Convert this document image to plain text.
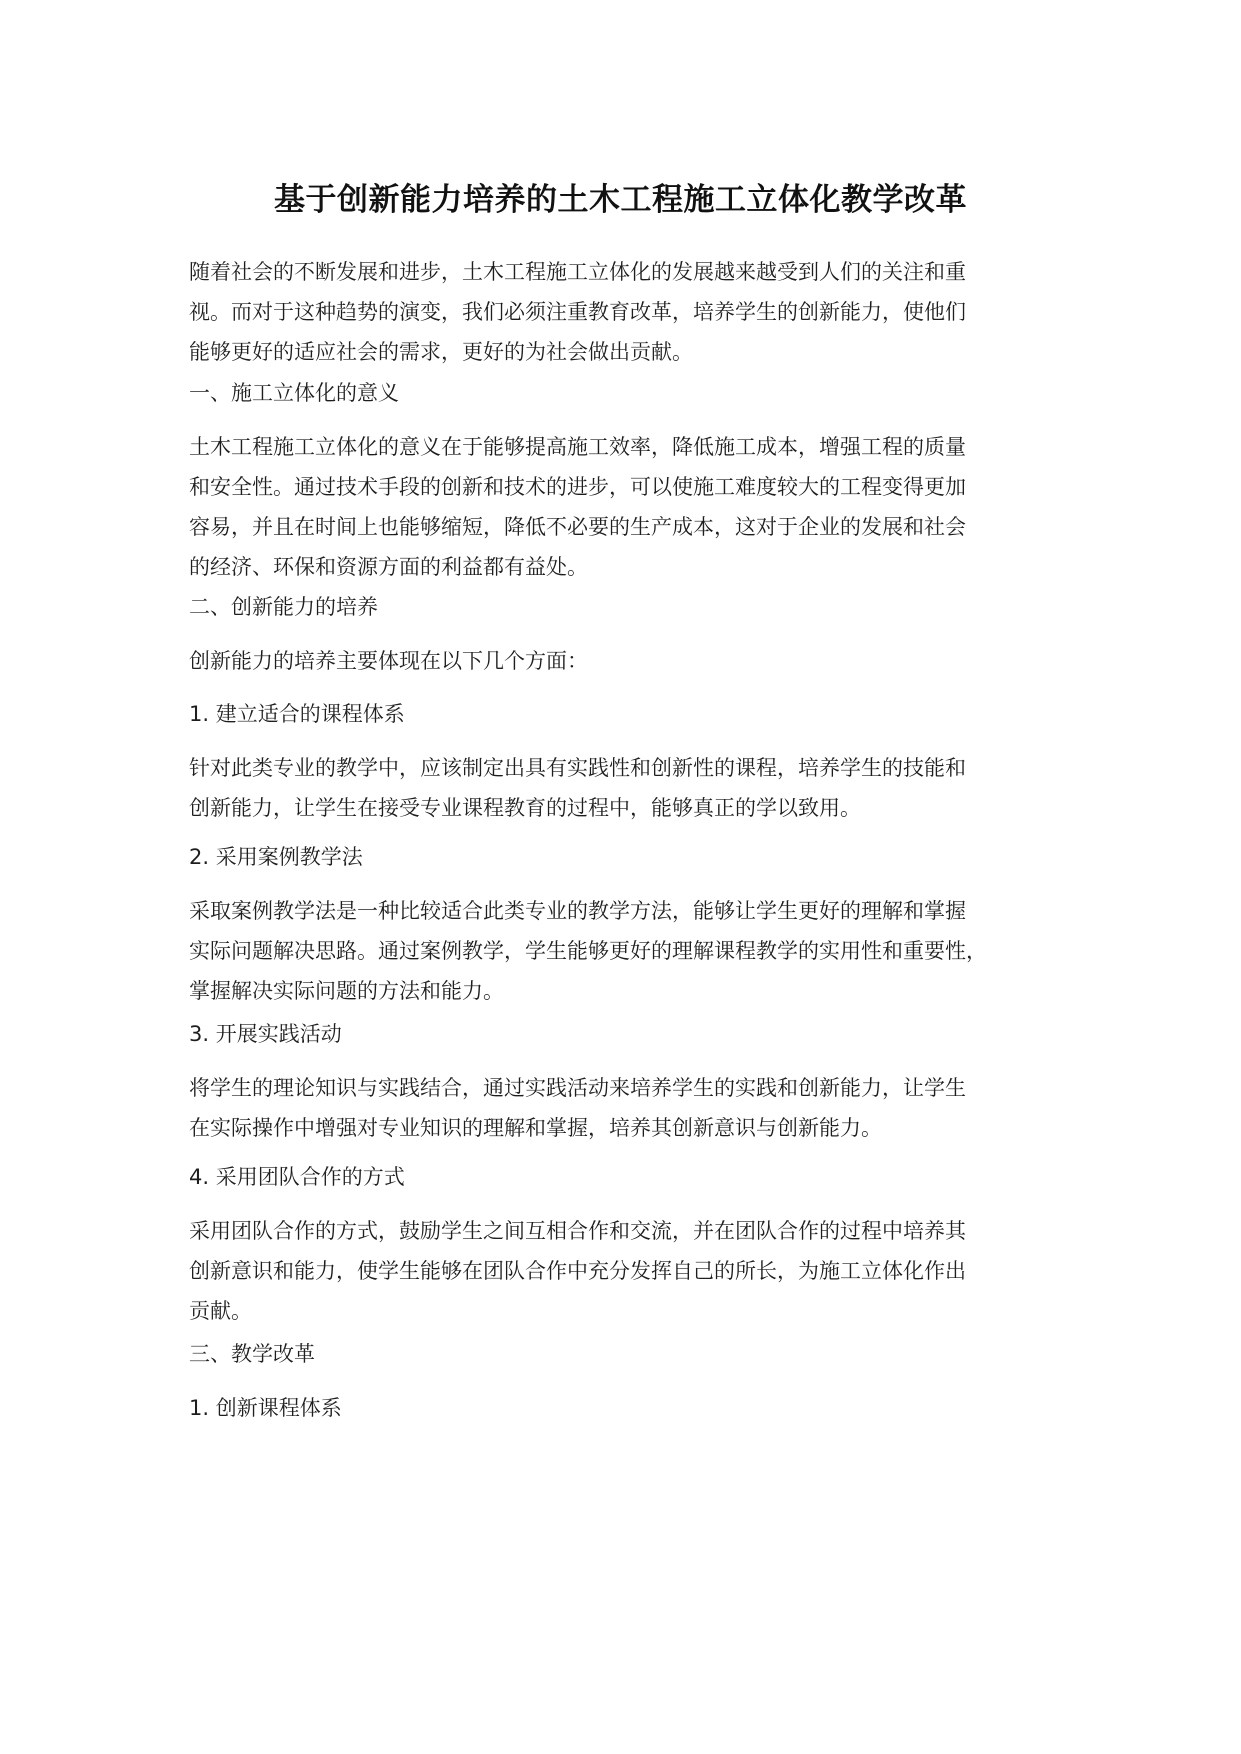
基于创新能力培养的土木工程施工立体化教学改革
随着社会的不断发展和进步，土木工程施工立体化的发展越来越受到人们的关注和重
视。而对于这种趋势的演变，我们必须注重教育改革，培养学生的创新能力，使他们
能够更好的适应社会的需求，更好的为社会做出贡献。
一、施工立体化的意义
土木工程施工立体化的意义在于能够提高施工效率，降低施工成本，增强工程的质量
和安全性。通过技术手段的创新和技术的进步，可以使施工难度较大的工程变得更加
容易，并且在时间上也能够缩短，降低不必要的生产成本，这对于企业的发展和社会
的经济、环保和资源方面的利益都有益处。
二、创新能力的培养
创新能力的培养主要体现在以下几个方面：
1. 建立适合的课程体系
针对此类专业的教学中，应该制定出具有实践性和创新性的课程，培养学生的技能和
创新能力，让学生在接受专业课程教育的过程中，能够真正的学以致用。
2. 采用案例教学法
采取案例教学法是一种比较适合此类专业的教学方法，能够让学生更好的理解和掌握
实际问题解决思路。通过案例教学，学生能够更好的理解课程教学的实用性和重要性，
掌握解决实际问题的方法和能力。
3. 开展实践活动
将学生的理论知识与实践结合，通过实践活动来培养学生的实践和创新能力，让学生
在实际操作中增强对专业知识的理解和掌握，培养其创新意识与创新能力。
4. 采用团队合作的方式
采用团队合作的方式，鼓励学生之间互相合作和交流，并在团队合作的过程中培养其
创新意识和能力，使学生能够在团队合作中充分发挥自己的所长，为施工立体化作出
贡献。
三、教学改革
1. 创新课程体系
